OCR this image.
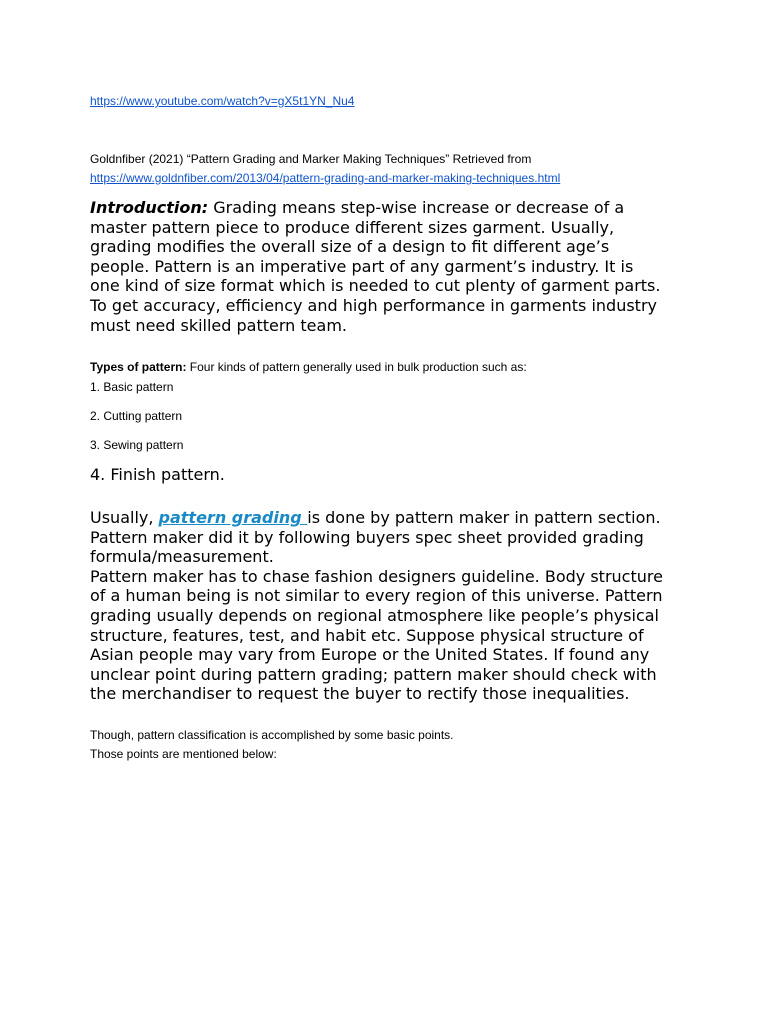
https://www.youtube.com/watch?v=gX5t1YN_Nu4
Goldnfiber (2021) “Pattern Grading and Marker Making Techniques” Retrieved from
https://www.goldnfiber.com/2013/04/pattern-grading-and-marker-making-techniques.html
Introduction: Grading means step-wise increase or decrease of a
master pattern piece to produce different sizes garment. Usually,
grading modifies the overall size of a design to fit different age’s
people. Pattern is an imperative part of any garment’s industry. It is
one kind of size format which is needed to cut plenty of garment parts.
To get accuracy, efficiency and high performance in garments industry
must need skilled pattern team.
Types of pattern: Four kinds of pattern generally used in bulk production such as:
1. Basic pattern
2. Cutting pattern
3. Sewing pattern
4. Finish pattern.
Usually, pattern grading is done by pattern maker in pattern section.
Pattern maker did it by following buyers spec sheet provided grading
formula/measurement.
Pattern maker has to chase fashion designers guideline. Body structure
of a human being is not similar to every region of this universe. Pattern
grading usually depends on regional atmosphere like people’s physical
structure, features, test, and habit etc. Suppose physical structure of
Asian people may vary from Europe or the United States. If found any
unclear point during pattern grading; pattern maker should check with
the merchandiser to request the buyer to rectify those inequalities.
Though, pattern classification is accomplished by some basic points.
Those points are mentioned below:
